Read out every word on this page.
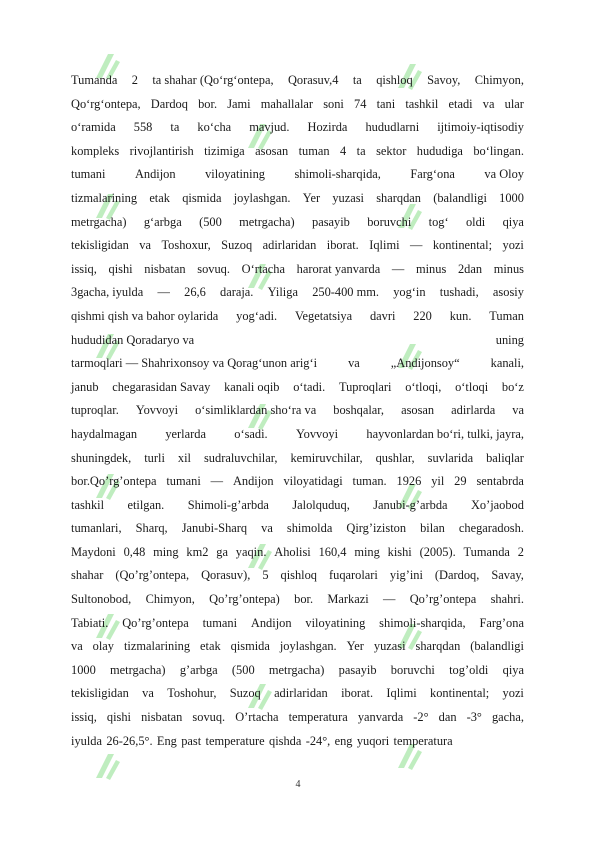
Tumanda 2 ta shahar (Qo‘rg‘ontepa, Qorasuv,4 ta qishloq Savoy, Chimyon,
Qo‘rg‘ontepa, Dardoq bor. Jami mahallalar soni 74 tani tashkil etadi va ular
o‘ramida 558 ta ko‘cha mavjud. Hozirda hududlarni ijtimoiy-iqtisodiy
kompleks rivojlantirish tizimiga asosan tuman 4 ta sektor hududiga bo‘lingan.
tumani Andijon viloyatining shimoli-sharqida, Farg‘ona va Oloy
tizmalarining etak qismida joylashgan. Yer yuzasi sharqdan (balandligi 1000
metrgacha) g‘arbga (500 metrgacha) pasayib boruvchi tog‘ oldi qiya
tekisligidan va Toshoxur, Suzoq adirlaridan iborat. Iqlimi — kontinental; yozi
issiq, qishi nisbatan sovuq. O‘rtacha harorat yanvarda — minus 2dan minus
3gacha, iyulda — 26,6 daraja. Yiliga 250-400 mm. yog‘in tushadi, asosiy
qishmi qish va bahor oylarida yog‘adi. Vegetatsiya davri 220 kun. Tuman
hududidan Qoradaryo va	uning
tarmoqlari — Shahrixonsoy va Qorag‘unon arig‘i	va	„Andijonsoy“	kanali,
janub chegarasidan Savay kanali oqib o‘tadi. Tuproqlari o‘tloqi, o‘tloqi bo‘z
tuproqlar. Yovvoyi o‘simliklardan sho‘ra va boshqalar, asosan adirlarda va
haydalmagan yerlarda o‘sadi. Yovvoyi hayvonlardan bo‘ri, tulki, jayra,
shuningdek, turli xil sudraluvchilar, kemiruvchilar, qushlar, suvlarida baliqlar
bor.Qo’rg’ontepa tumani — Andijon viloyatidagi tuman. 1926 yil 29 sentabrda
tashkil etilgan. Shimoli-g’arbda Jalolquduq, Janubi-g’arbda Xo’jaobod
tumanlari, Sharq, Janubi-Sharq va shimolda Qirg’iziston bilan chegaradosh.
Maydoni 0,48 ming km2 ga yaqin. Aholisi 160,4 ming kishi (2005). Tumanda 2
shahar (Qo’rg’ontepa, Qorasuv), 5 qishloq fuqarolari yig’ini (Dardoq, Savay,
Sultonobod, Chimyon, Qo’rg’ontepa) bor. Markazi — Qo’rg’ontepa shahri.
Tabiati. Qo’rg’ontepa tumani Andijon viloyatining shimoli-sharqida, Farg’ona
va olay tizmalarining etak qismida joylashgan. Yer yuzasi sharqdan (balandligi
1000 metrgacha) g’arbga (500 metrgacha) pasayib boruvchi tog’oldi qiya
tekisligidan va Toshohur, Suzoq adirlaridan iborat. Iqlimi kontinental; yozi
issiq, qishi nisbatan sovuq. O’rtacha temperatura yanvarda -2° dan -3° gacha,
iyulda 26-26,5°. Eng past temperature qishda -24°, eng yuqori temperatura
4
